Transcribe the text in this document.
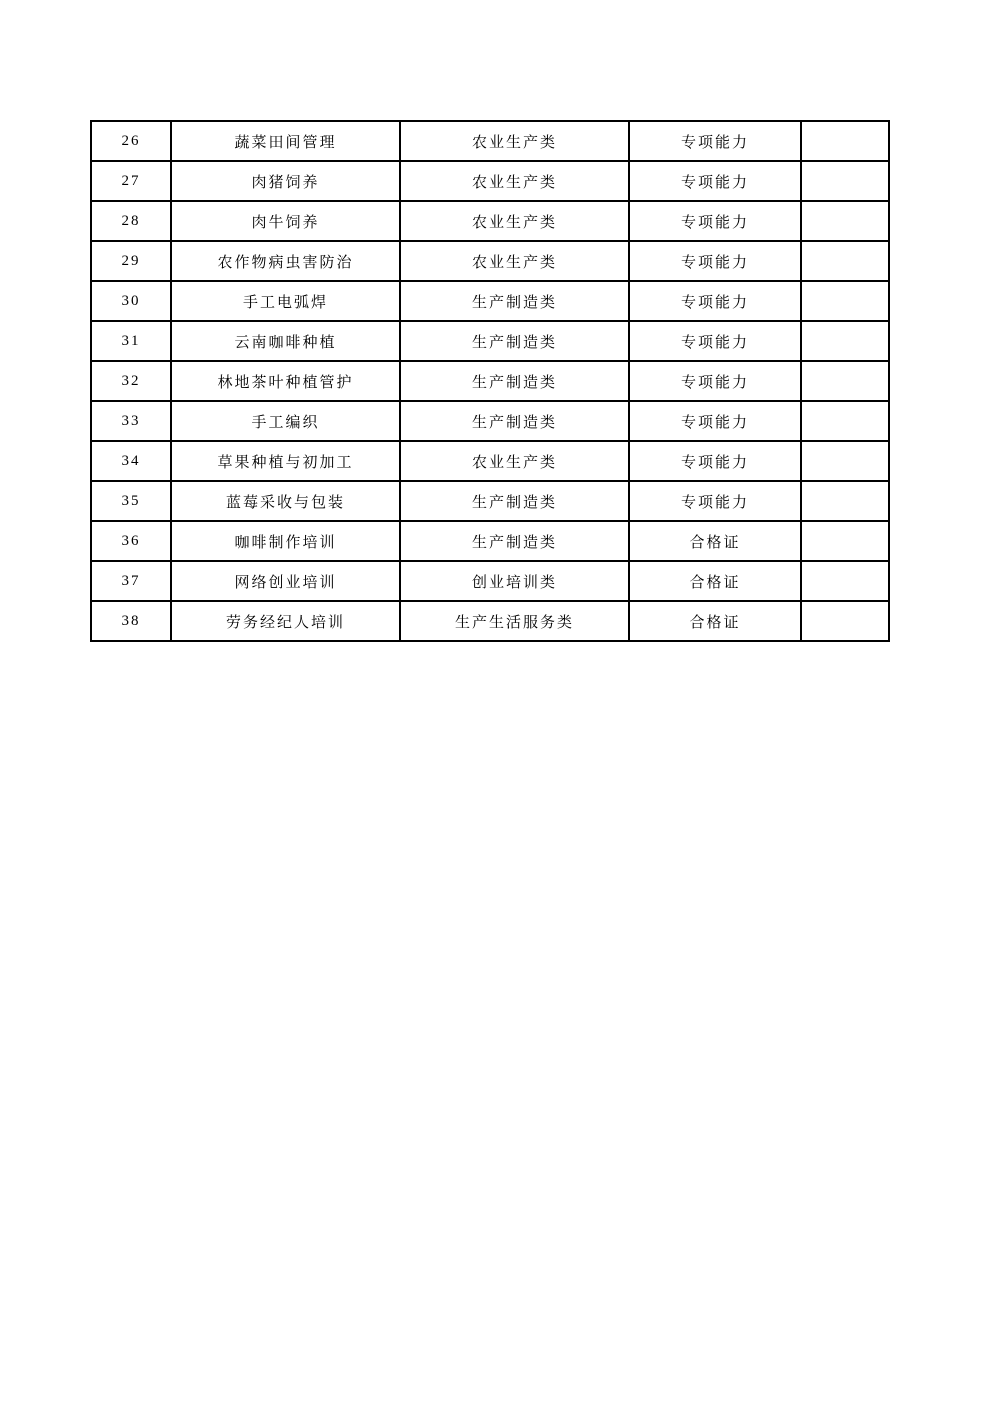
26	蔬菜田间管理	农业生产类	专项能力	
27	肉猪饲养	农业生产类	专项能力	
28	肉牛饲养	农业生产类	专项能力	
29	农作物病虫害防治	农业生产类	专项能力	
30	手工电弧焊	生产制造类	专项能力	
31	云南咖啡种植	生产制造类	专项能力	
32	林地茶叶种植管护	生产制造类	专项能力	
33	手工编织	生产制造类	专项能力	
34	草果种植与初加工	农业生产类	专项能力	
35	蓝莓采收与包装	生产制造类	专项能力	
36	咖啡制作培训	生产制造类	合格证	
37	网络创业培训	创业培训类	合格证	
38	劳务经纪人培训	生产生活服务类	合格证	
